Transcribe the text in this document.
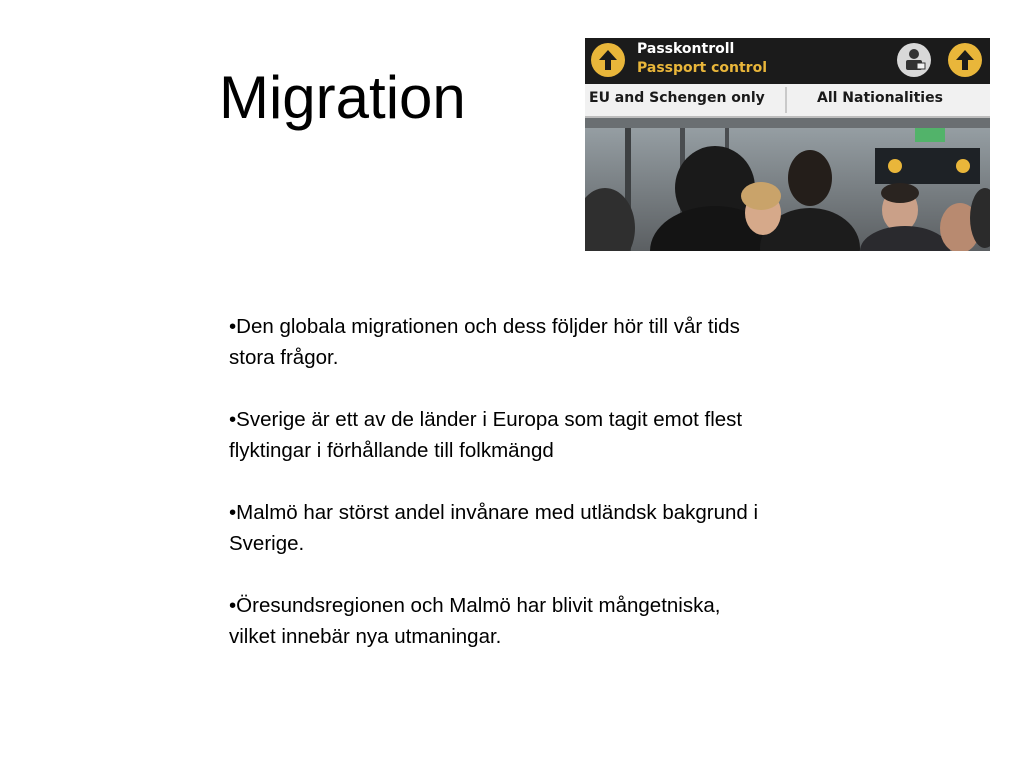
Migration
Passkontroll
Passport control
EU and Schengen only	All Nationalities

•Den globala migrationen och dess följder hör till vår tids stora frågor.

•Sverige är ett av de länder i Europa som tagit emot flest flyktingar i förhållande till folkmängd

•Malmö har störst andel invånare med utländsk bakgrund i Sverige.

•Öresundsregionen och Malmö har blivit mångetniska, vilket innebär nya utmaningar.
